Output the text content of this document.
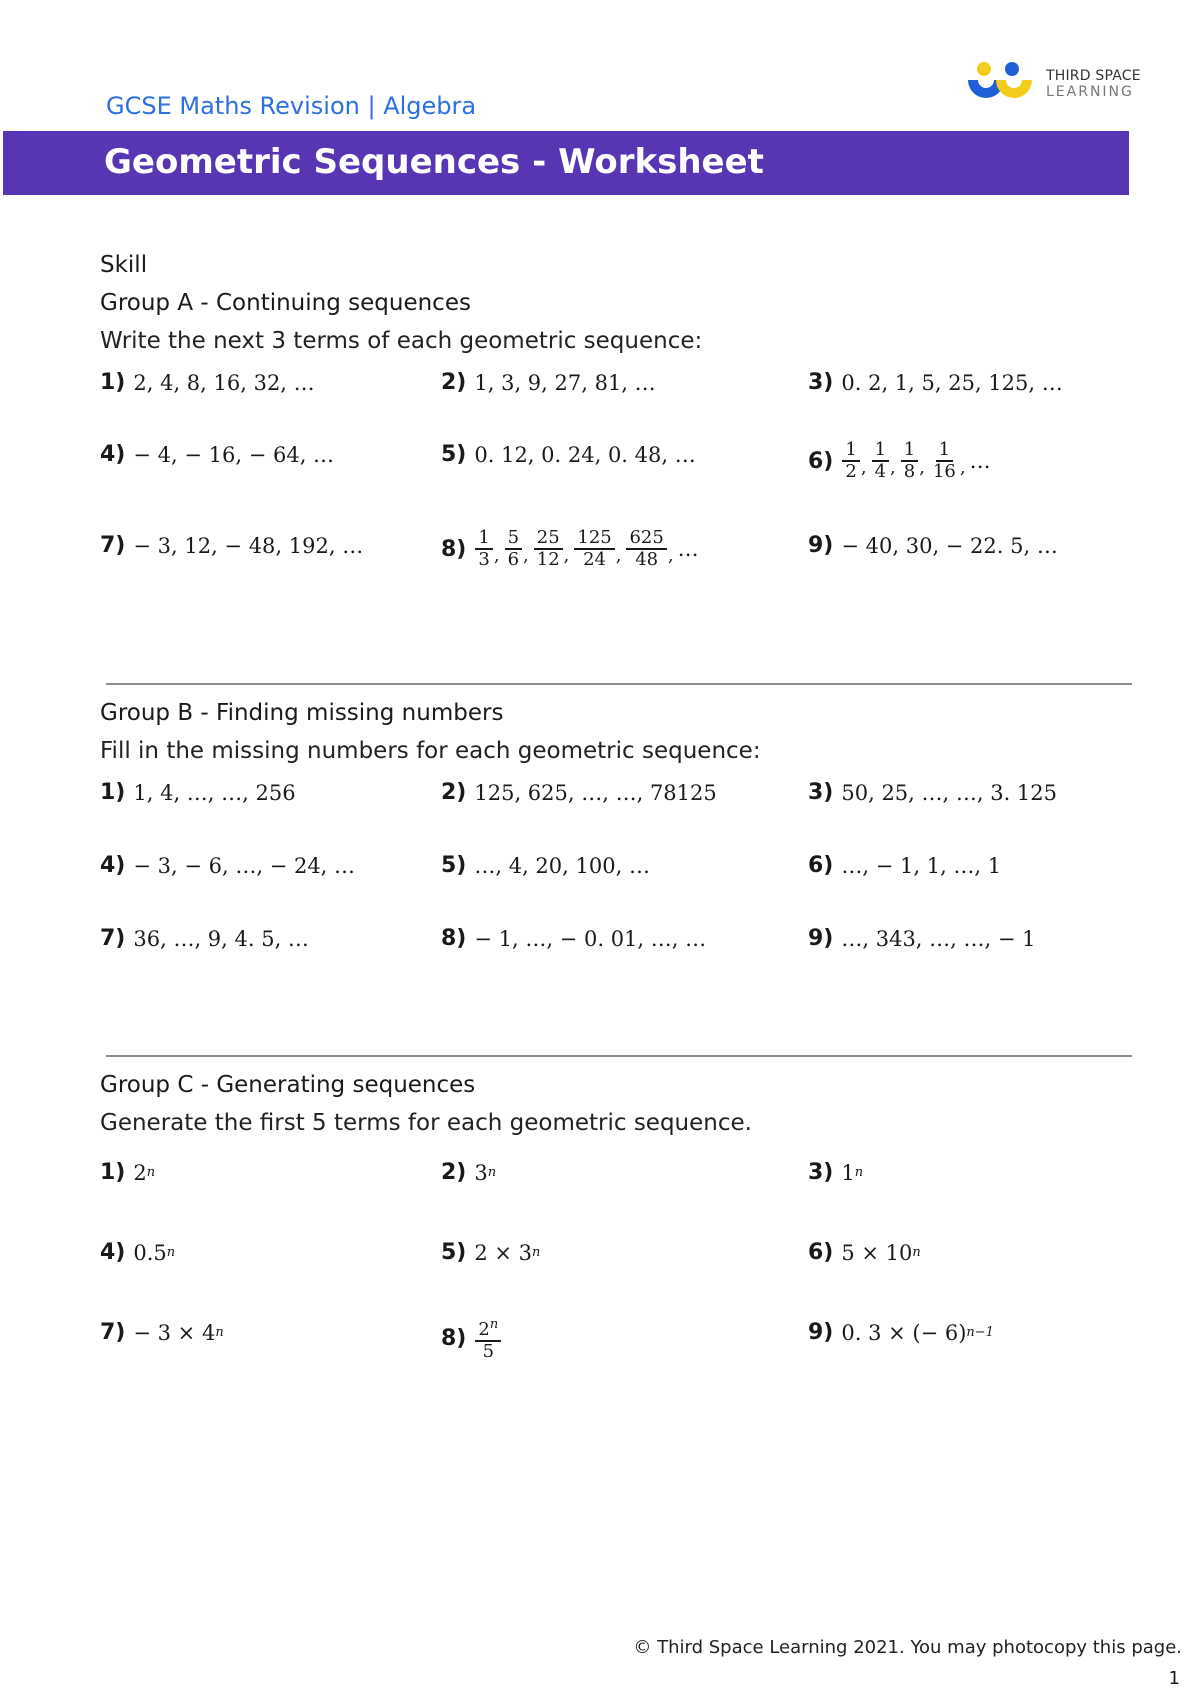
GCSE Maths Revision | Algebra
THIRD SPACE
LEARNING
Geometric Sequences - Worksheet
Skill
Group A - Continuing sequences
Write the next 3 terms of each geometric sequence:
1) 2, 4, 8, 16, 32, …	2) 1, 3, 9, 27, 81, …	3) 0. 2, 1, 5, 25, 125, …
4) − 4, − 16, − 64, …	5) 0. 12, 0. 24, 0. 48, …	$6) \frac{1}{2}$ , $\frac{1}{4}$ , $\frac{1}{8}$ , $\frac{1}{16}$ , …
7) − 3, 12, − 48, 192, …	$8) \frac{1}{3}$ , $\frac{5}{6}$ , $\frac{25}{12}$ , $\frac{125}{24}$ , $\frac{625}{48}$ , …	9) − 40, 30, − 22. 5, …
Group B - Finding missing numbers
Fill in the missing numbers for each geometric sequence:
1) 1, 4, …, …, 256	2) 125, 625, …, …, 78125	3) 50, 25, …, …, 3. 125
4) − 3, − 6, …, − 24, …	5) …, 4, 20, 100, …	6) …, − 1, 1, …, 1
7) 36, …, 9, 4. 5, …	8) − 1, …, − 0. 01, …, …	9) …, 343, …, …, − 1
Group C - Generating sequences
Generate the first 5 terms for each geometric sequence.
1) 2 n	2) 3 n	3) 1 n
4) 0.5 n	5) 2 × 3 n	6) 5 × 10 n
7) − 3 × 4 n	$8) \frac{2^n}{5}$	9) 0. 3 × (− 6) n−1
© Third Space Learning 2021. You may photocopy this page.
1
